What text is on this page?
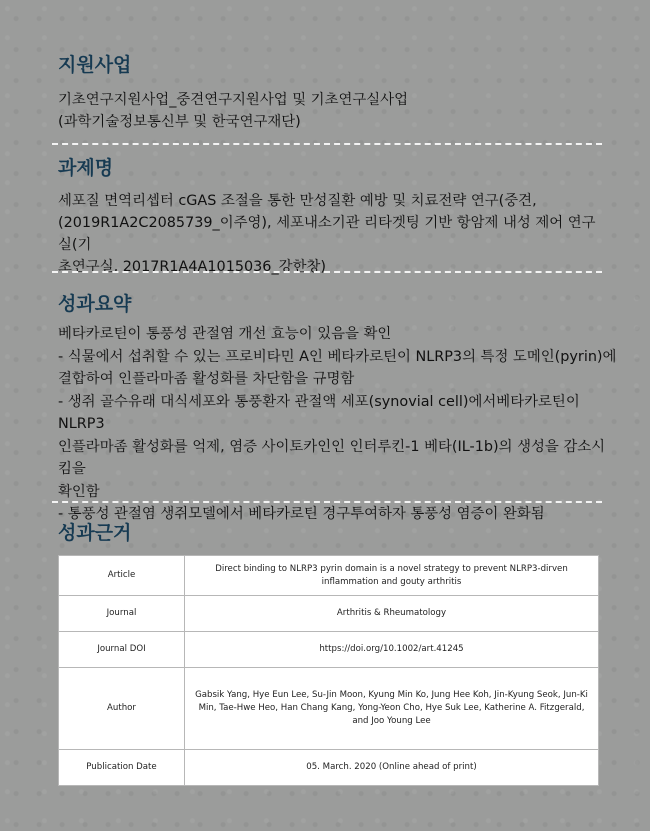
지원사업

기초연구지원사업_중견연구지원사업 및 기초연구실사업

(과학기술정보통신부 및 한국연구재단)

과제명

세포질 면역리셉터 cGAS 조절을 통한 만성질환 예방 및 치료전략 연구(중견,

(2019R1A2C2085739_이주영), 세포내소기관 리타겟팅 기반 항암제 내성 제어 연구실(기

초연구실, 2017R1A4A1015036_강한창)

성과요약

베타카로틴이 통풍성 관절염 개선 효능이 있음을 확인

- 식물에서 섭취할 수 있는 프로비타민 A인 베타카로틴이 NLRP3의 특정 도메인(pyrin)에

결합하여 인플라마좀 활성화를 차단함을 규명함

- 생쥐 골수유래 대식세포와 통풍환자 관절액 세포(synovial cell)에서베타카로틴이 NLRP3

인플라마좀 활성화를 억제, 염증 사이토카인인 인터루킨-1 베타(IL-1b)의 생성을 감소시킴을

확인함

- 통풍성 관절염 생쥐모델에서 베타카로틴 경구투여하자 통풍성 염증이 완화됨

성과근거
Article	Direct binding to NLRP3 pyrin domain is a novel strategy to prevent NLRP3-dirven inflammation and gouty arthritis
Journal	Arthritis & Rheumatology
Journal DOI	https://doi.org/10.1002/art.41245
Author	Gabsik Yang, Hye Eun Lee, Su-Jin Moon, Kyung Min Ko, Jung Hee Koh, Jin-Kyung Seok, Jun-Ki Min, Tae-Hwe Heo, Han Chang Kang, Yong-Yeon Cho, Hye Suk Lee, Katherine A. Fitzgerald, and Joo Young Lee
Publication Date	05. March. 2020 (Online ahead of print)
